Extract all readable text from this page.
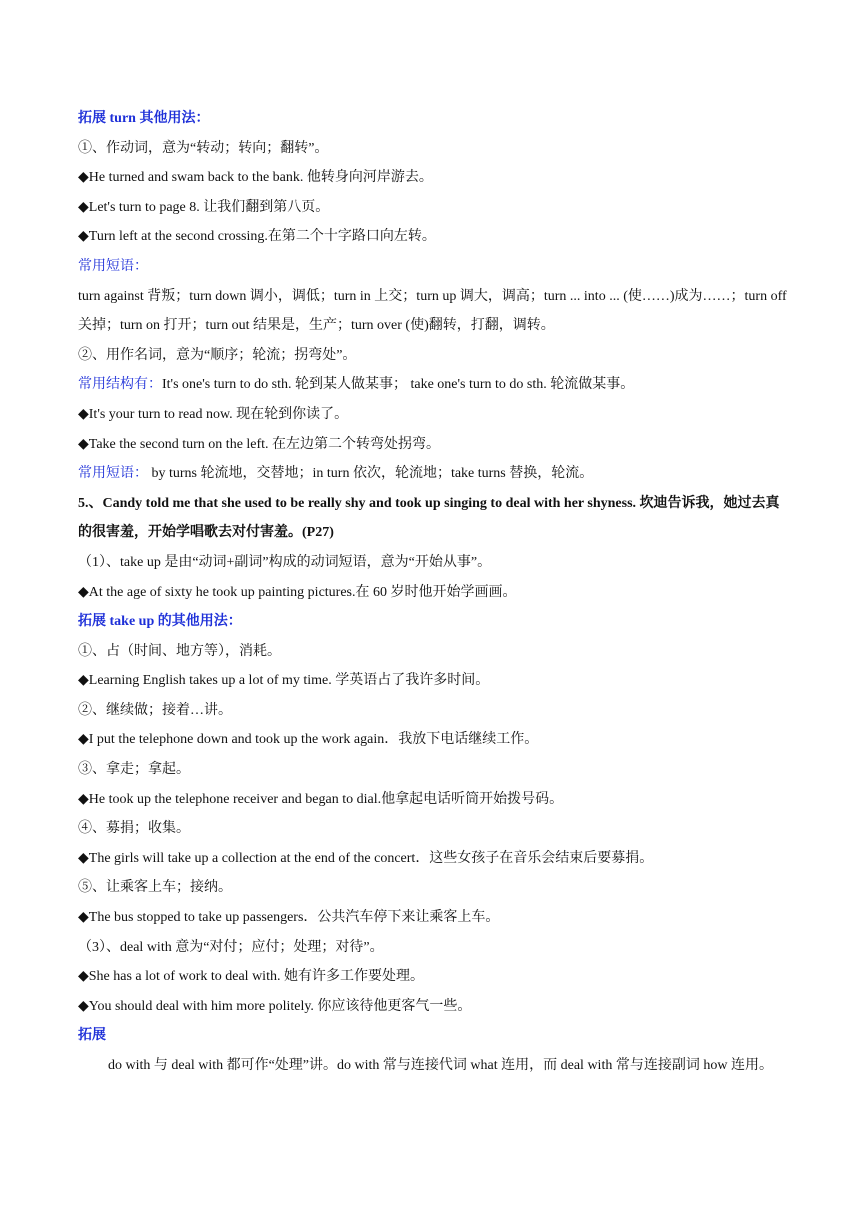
拓展 turn 其他用法：
①、作动词，意为“转动；转向；翻转”。
◆He turned and swam back to the bank. 他转身向河岸游去。
◆Let's turn to page 8. 让我们翻到第八页。
◆Turn left at the second crossing.在第二个十字路口向左转。
常用短语：
turn against 背叛；turn down 调小，调低；turn in 上交；turn up 调大，调高；turn ... into ... (使……)成为……；turn off 关掉；turn on 打开；turn out 结果是，生产；turn over (使)翻转，打翻，调转。
②、用作名词，意为“顺序；轮流；拐弯处”。
常用结构有：It's one's turn to do sth. 轮到某人做某事； take one's turn to do sth. 轮流做某事。
◆It's your turn to read now. 现在轮到你读了。
◆Take the second turn on the left. 在左边第二个转弯处拐弯。
常用短语： by turns 轮流地，交替地；in turn 依次，轮流地；take turns 替换，轮流。
5.、Candy told me that she used to be really shy and took up singing to deal with her shyness. 坎迪告诉我，她过去真的很害羞，开始学唱歌去对付害羞。(P27)
（1）、take up 是由“动词+副词”构成的动词短语，意为“开始从事”。
◆At the age of sixty he took up painting pictures.在 60 岁时他开始学画画。
拓展 take up 的其他用法：
①、占（时间、地方等），消耗。
◆Learning English takes up a lot of my time. 学英语占了我许多时间。
②、继续做；接着…讲。
◆I put the telephone down and took up the work again．我放下电话继续工作。
③、拿走；拿起。
◆He took up the telephone receiver and began to dial.他拿起电话听筒开始拨号码。
④、募捐；收集。
◆The girls will take up a collection at the end of the concert．这些女孩子在音乐会结束后要募捐。
⑤、让乘客上车；接纳。
◆The bus stopped to take up passengers．公共汽车停下来让乘客上车。
（3）、deal with 意为“对付；应付；处理；对待”。
◆She has a lot of work to deal with. 她有许多工作要处理。
◆You should deal with him more politely. 你应该待他更客气一些。
拓展
do with 与 deal with 都可作“处理”讲。do with 常与连接代词 what 连用，而 deal with 常与连接副词 how 连用。
